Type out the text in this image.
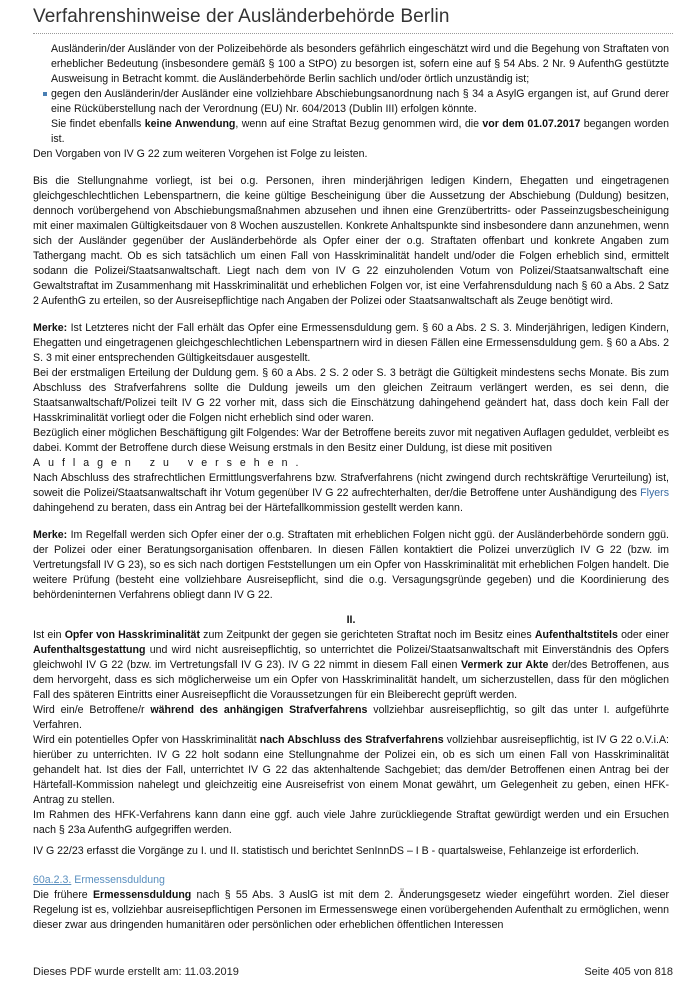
Verfahrenshinweise der Ausländerbehörde Berlin
Ausländerin/der Ausländer von der Polizeibehörde als besonders gefährlich eingeschätzt wird und die Begehung von Straftaten von erheblicher Bedeutung (insbesondere gemäß § 100 a StPO) zu besorgen ist, sofern eine auf § 54 Abs. 2 Nr. 9 AufenthG gestützte Ausweisung in Betracht kommt. die Ausländerbehörde Berlin sachlich und/oder örtlich unzuständig ist;
gegen den Ausländerin/der Ausländer eine vollziehbare Abschiebungsanordnung nach § 34 a AsylG ergangen ist, auf Grund derer eine Rücküberstellung nach der Verordnung (EU) Nr. 604/2013 (Dublin III) erfolgen könnte.
Sie findet ebenfalls keine Anwendung, wenn auf eine Straftat Bezug genommen wird, die vor dem 01.07.2017 begangen worden ist.

Den Vorgaben von IV G 22 zum weiteren Vorgehen ist Folge zu leisten.

Bis die Stellungnahme vorliegt, ist bei o.g. Personen, ihren minderjährigen ledigen Kindern, Ehegatten und eingetragenen gleichgeschlechtlichen Lebenspartnern, die keine gültige Bescheinigung über die Aussetzung der Abschiebung (Duldung) besitzen, dennoch vorübergehend von Abschiebungsmaßnahmen abzusehen und ihnen eine Grenzübertritts- oder Passeinzugsbescheinigung mit einer maximalen Gültigkeitsdauer von 8 Wochen auszustellen. Konkrete Anhaltspunkte sind insbesondere dann anzunehmen, wenn sich der Ausländer gegenüber der Ausländerbehörde als Opfer einer der o.g. Straftaten offenbart und konkrete Angaben zum Tathergang macht. Ob es sich tatsächlich um einen Fall von Hasskriminalität handelt und/oder die Folgen erheblich sind, ermittelt sodann die Polizei/Staatsanwaltschaft. Liegt nach dem von IV G 22 einzuholenden Votum von Polizei/Staatsanwaltschaft eine Gewaltstraftat im Zusammenhang mit Hasskriminalität und erheblichen Folgen vor, ist eine Verfahrensduldung nach § 60 a Abs. 2 Satz 2 AufenthG zu erteilen, so der Ausreisepflichtige nach Angaben der Polizei oder Staatsanwaltschaft als Zeuge benötigt wird.
Merke: Ist Letzteres nicht der Fall erhält das Opfer eine Ermessensduldung gem. § 60 a Abs. 2 S. 3. Minderjährigen, ledigen Kindern, Ehegatten und eingetragenen gleichgeschlechtlichen Lebenspartnern wird in diesen Fällen eine Ermessensduldung gem. § 60 a Abs. 2 S. 3 mit einer entsprechenden Gültigkeitsdauer ausgestellt.
Bei der erstmaligen Erteilung der Duldung gem. § 60 a Abs. 2 S. 2 oder S. 3 beträgt die Gültigkeit mindestens sechs Monate. Bis zum Abschluss des Strafverfahrens sollte die Duldung jeweils um den gleichen Zeitraum verlängert werden, es sei denn, die Staatsanwaltschaft/Polizei teilt IV G 22 vorher mit, dass sich die Einschätzung dahingehend geändert hat, dass doch kein Fall der Hasskriminalität vorliegt oder die Folgen nicht erheblich sind oder waren.
Bezüglich einer möglichen Beschäftigung gilt Folgendes: War der Betroffene bereits zuvor mit negativen Auflagen geduldet, verbleibt es dabei. Kommt der Betroffene durch diese Weisung erstmals in den Besitz einer Duldung, ist diese mit positiven
Auflagen zu versehen.
Nach Abschluss des strafrechtlichen Ermittlungsverfahrens bzw. Strafverfahrens (nicht zwingend durch rechtskräftige Verurteilung) ist, soweit die Polizei/Staatsanwaltschaft ihr Votum gegenüber IV G 22 aufrechterhalten, der/die Betroffene unter Aushändigung des Flyers dahingehend zu beraten, dass ein Antrag bei der Härtefallkommission gestellt werden kann.
Merke: Im Regelfall werden sich Opfer einer der o.g. Straftaten mit erheblichen Folgen nicht ggü. der Ausländerbehörde sondern ggü. der Polizei oder einer Beratungsorganisation offenbaren. In diesen Fällen kontaktiert die Polizei unverzüglich IV G 22 (bzw. im Vertretungsfall IV G 23), so es sich nach dortigen Feststellungen um ein Opfer von Hasskriminalität mit erheblichen Folgen handelt. Die weitere Prüfung (besteht eine vollziehbare Ausreisepflicht, sind die o.g. Versagungsgründe gegeben) und die Koordinierung des behördeninternen Verfahrens obliegt dann IV G 22.
II.
Ist ein Opfer von Hasskriminalität zum Zeitpunkt der gegen sie gerichteten Straftat noch im Besitz eines Aufenthaltstitels oder einer Aufenthaltsgestattung und wird nicht ausreisepflichtig, so unterrichtet die Polizei/Staatsanwaltschaft mit Einverständnis des Opfers gleichwohl IV G 22 (bzw. im Vertretungsfall IV G 23). IV G 22 nimmt in diesem Fall einen Vermerk zur Akte der/des Betroffenen, aus dem hervorgeht, dass es sich möglicherweise um ein Opfer von Hasskriminalität handelt, um sicherzustellen, dass für den möglichen Fall des späteren Eintritts einer Ausreisepflicht die Voraussetzungen für ein Bleiberecht geprüft werden.
Wird ein/e Betroffene/r während des anhängigen Strafverfahrens vollziehbar ausreisepflichtig, so gilt das unter I. aufgeführte Verfahren.
Wird ein potentielles Opfer von Hasskriminalität nach Abschluss des Strafverfahrens vollziehbar ausreisepflichtig, ist IV G 22 o.V.i.A: hierüber zu unterrichten. IV G 22 holt sodann eine Stellungnahme der Polizei ein, ob es sich um einen Fall von Hasskriminalität gehandelt hat. Ist dies der Fall, unterrichtet IV G 22 das aktenhaltende Sachgebiet; das dem/der Betroffenen einen Antrag bei der Härtefall-Kommission nahelegt und gleichzeitig eine Ausreisefrist von einem Monat gewährt, um Gelegenheit zu geben, einen HFK-Antrag zu stellen.
Im Rahmen des HFK-Verfahrens kann dann eine ggf. auch viele Jahre zurückliegende Straftat gewürdigt werden und ein Ersuchen nach § 23a AufenthG aufgegriffen werden.
IV G 22/23 erfasst die Vorgänge zu I. und II. statistisch und berichtet SenInnDS – I B - quartalsweise, Fehlanzeige ist erforderlich.
60a.2.3. Ermessensduldung
Die frühere Ermessensduldung nach § 55 Abs. 3 AuslG ist mit dem 2. Änderungsgesetz wieder eingeführt worden. Ziel dieser Regelung ist es, vollziehbar ausreisepflichtigen Personen im Ermessenswege einen vorübergehenden Aufenthalt zu ermöglichen, wenn dieser zwar aus dringenden humanitären oder persönlichen oder erheblichen öffentlichen Interessen
Dieses PDF wurde erstellt am: 11.03.2019	Seite 405 von 818
